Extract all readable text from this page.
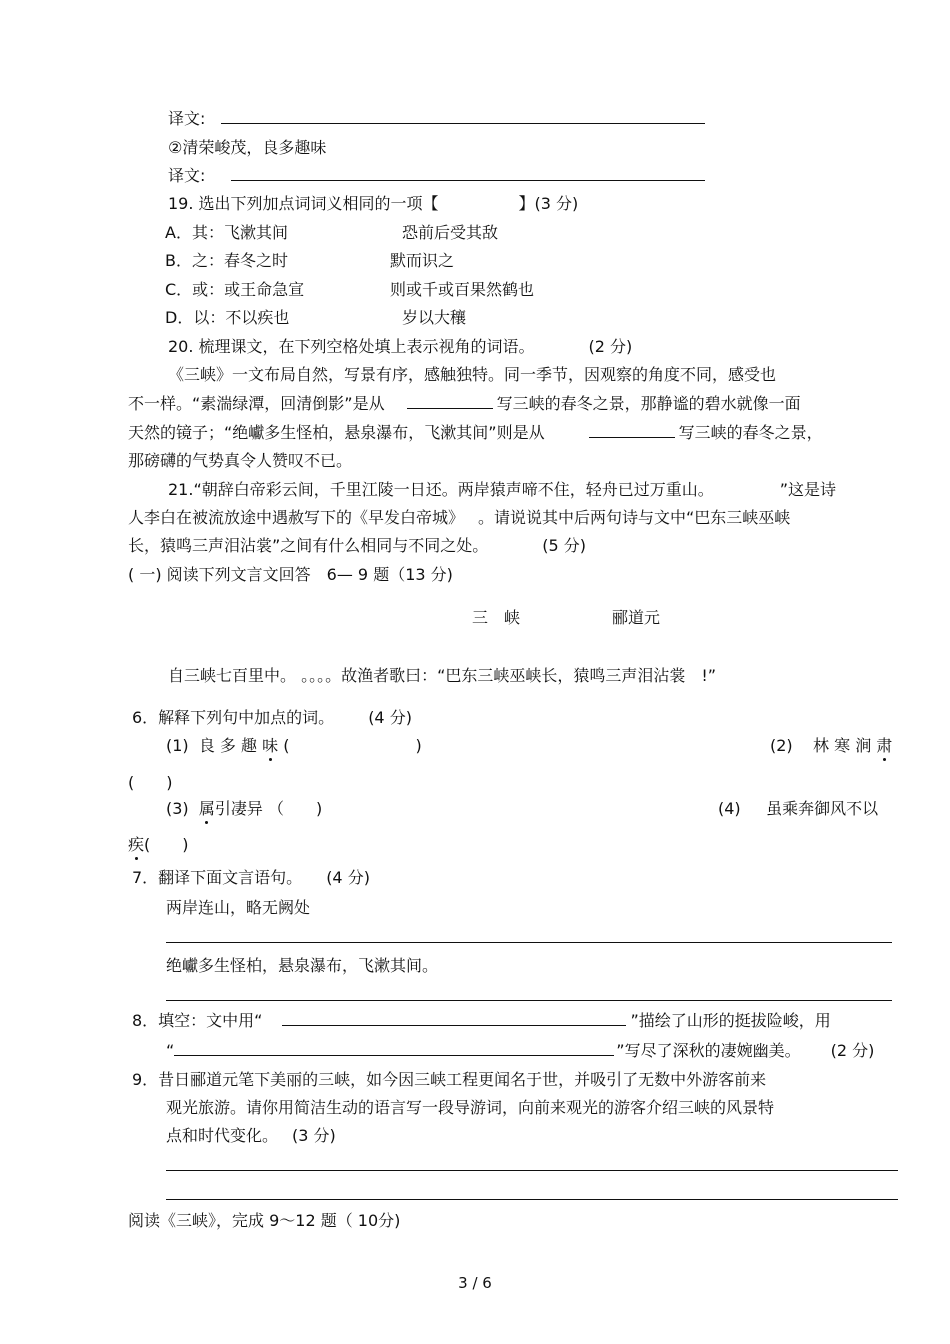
译文:
②清荣峻茂，良多趣味
译文:
19. 选出下列加点词词义相同的一项【	】(3 分)
A．其：飞漱其间	恐前后受其敌
B．之：春冬之时	默而识之
C．或：或王命急宣	则或千或百果然鹤也
D．以：不以疾也	岁以大穰
20. 梳理课文，在下列空格处填上表示视角的词语。	(2 分)
《三峡》一文布局自然，写景有序，感触独特。同一季节，因观察的角度不同，感受也
不一样。“素湍绿潭，回清倒影”是从	写三峡的春冬之景，那静谧的碧水就像一面
天然的镜子；“绝巘多生怪柏，悬泉瀑布，飞漱其间”则是从	写三峡的春冬之景，
那磅礴的气势真令人赞叹不已。
21.“朝辞白帝彩云间，千里江陵一日还。两岸猿声啼不住，轻舟已过万重山。	”这是诗
人李白在被流放途中遇赦写下的《早发白帝城》 。请说说其中后两句诗与文中“巴东三峡巫峡
长，猿鸣三声泪沾裳”之间有什么相同与不同之处。	(5 分)
( 一) 阅读下列文言文回答　6— 9 题（13 分)
三　峡	郦道元
自三峡七百里中。 。。。。故渔者歌曰：“巴东三峡巫峡长，猿鸣三声泪沾裳　!”
6．解释下列句中加点的词。 (4 分)
(1) 良 多 趣 味 (	)	(2) 林 寒 涧 肃
(　　)
(3) 属引凄异 （　　)	(4) 虽乘奔御风不以
疾(　　)
7．翻译下面文言语句。 (4 分)
两岸连山，略无阙处
绝巘多生怪柏，悬泉瀑布，飞漱其间。
8．填空：文中用“	”描绘了山形的挺拔险峻，用
“	”写尽了深秋的凄婉幽美。 (2 分)
9．昔日郦道元笔下美丽的三峡，如今因三峡工程更闻名于世，并吸引了无数中外游客前来
观光旅游。请你用简洁生动的语言写一段导游词，向前来观光的游客介绍三峡的风景特
点和时代变化。 (3 分)
阅读《三峡》，完成 9～12 题（ 10分)
3 / 6
